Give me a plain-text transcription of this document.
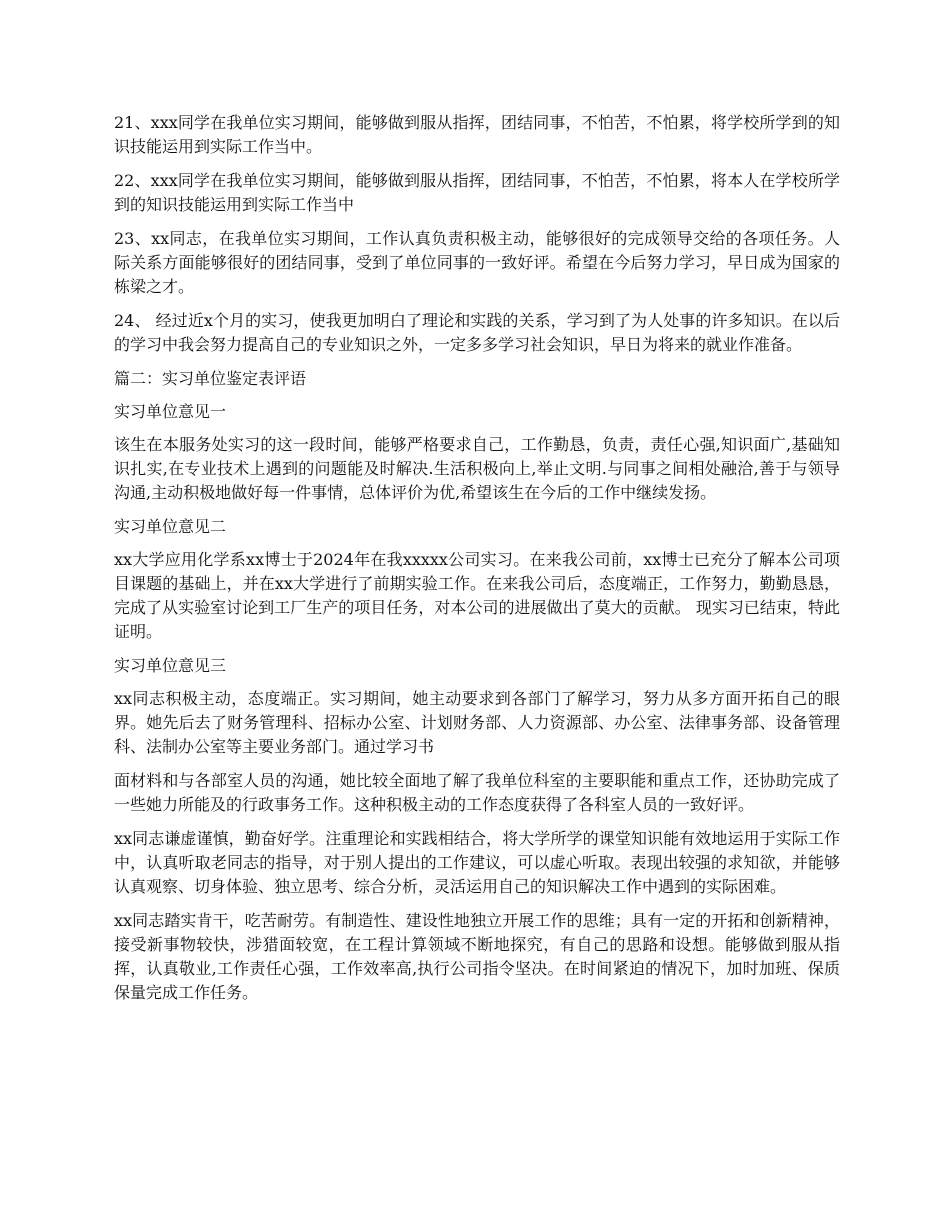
21、xxx同学在我单位实习期间，能够做到服从指挥，团结同事，不怕苦，不怕累，将学校所学到的知识技能运用到实际工作当中。

22、xxx同学在我单位实习期间，能够做到服从指挥，团结同事，不怕苦，不怕累，将本人在学校所学到的知识技能运用到实际工作当中

23、xx同志，在我单位实习期间，工作认真负责积极主动，能够很好的完成领导交给的各项任务。人际关系方面能够很好的团结同事，受到了单位同事的一致好评。希望在今后努力学习，早日成为国家的栋梁之才。

24、 经过近x个月的实习，使我更加明白了理论和实践的关系，学习到了为人处事的许多知识。在以后的学习中我会努力提高自己的专业知识之外，一定多多学习社会知识，早日为将来的就业作准备。

篇二：实习单位鉴定表评语

实习单位意见一

该生在本服务处实习的这一段时间，能够严格要求自己，工作勤恳，负责，责任心强,知识面广,基础知识扎实,在专业技术上遇到的问题能及时解决.生活积极向上,举止文明.与同事之间相处融洽,善于与领导沟通,主动积极地做好每一件事情，总体评价为优,希望该生在今后的工作中继续发扬。

实习单位意见二

xx大学应用化学系xx博士于2024年在我xxxxx公司实习。在来我公司前，xx博士已充分了解本公司项目课题的基础上，并在xx大学进行了前期实验工作。在来我公司后，态度端正，工作努力，勤勤恳恳，完成了从实验室讨论到工厂生产的项目任务，对本公司的进展做出了莫大的贡献。 现实习已结束，特此证明。

实习单位意见三

xx同志积极主动，态度端正。实习期间，她主动要求到各部门了解学习，努力从多方面开拓自己的眼界。她先后去了财务管理科、招标办公室、计划财务部、人力资源部、办公室、法律事务部、设备管理科、法制办公室等主要业务部门。通过学习书

面材料和与各部室人员的沟通，她比较全面地了解了我单位科室的主要职能和重点工作，还协助完成了一些她力所能及的行政事务工作。这种积极主动的工作态度获得了各科室人员的一致好评。

xx同志谦虚谨慎，勤奋好学。注重理论和实践相结合，将大学所学的课堂知识能有效地运用于实际工作中，认真听取老同志的指导，对于别人提出的工作建议，可以虚心听取。表现出较强的求知欲，并能够认真观察、切身体验、独立思考、综合分析，灵活运用自己的知识解决工作中遇到的实际困难。

xx同志踏实肯干，吃苦耐劳。有制造性、建设性地独立开展工作的思维；具有一定的开拓和创新精神，接受新事物较快，涉猎面较宽，在工程计算领域不断地探究，有自己的思路和设想。能够做到服从指挥，认真敬业,工作责任心强，工作效率高,执行公司指令坚决。在时间紧迫的情况下，加时加班、保质保量完成工作任务。
